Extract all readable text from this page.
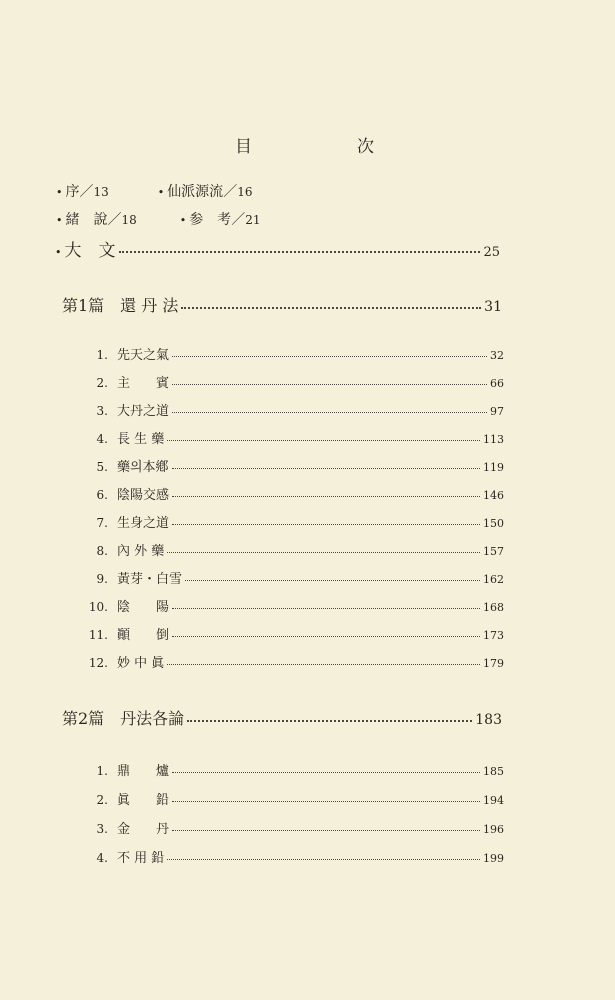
目　次
• 序／13	• 仙派源流／16
• 緒　說／18	• 参　考／21
• 大　文	25
第1篇　還 丹 法	31
1. 先天之氣	32
2. 主　　賓	66
3. 大丹之道	97
4. 長 生 藥	113
5. 藥의本鄕	119
6. 陰陽交感	146
7. 生身之道	150
8. 內 外 藥	157
9. 黃芽・白雪	162
10. 陰　　陽	168
11. 顚　　倒	173
12. 妙 中 眞	179
第2篇　丹法各論	183
1. 鼎　　爐	185
2. 眞　　鉛	194
3. 金　　丹	196
4. 不 用 鉛	199
